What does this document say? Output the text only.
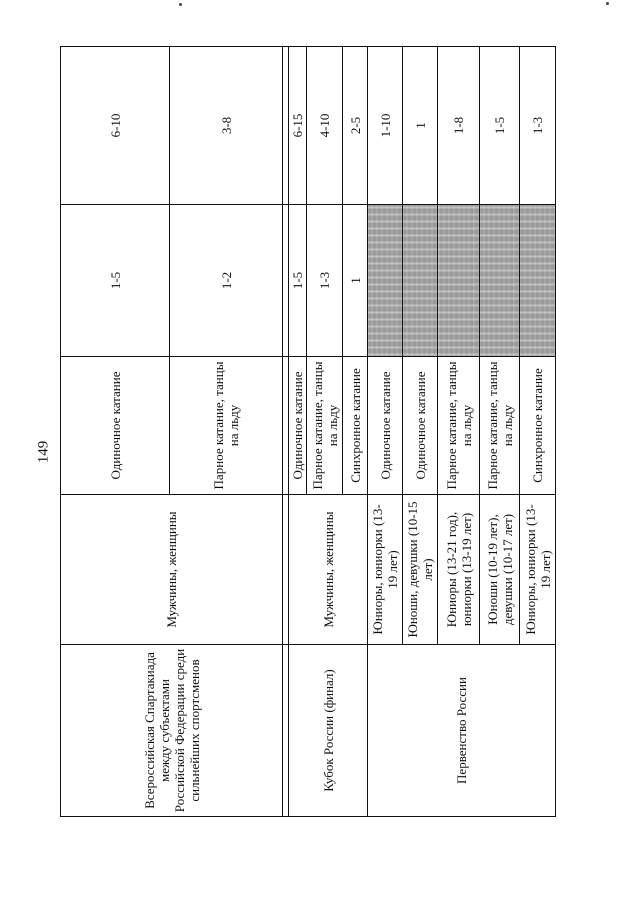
149
Всероссийская Спартакиада между субъектами Российской Федерации среди сильнейших спортсменов	Мужчины, женщины	Одиночное катание	1-5	6-10
		Парное катание, танцы на льду	1-2	3-8

Кубок России (финал)	Мужчины, женщины	Одиночное катание	1-5	6-15
		Парное катание, танцы на льду	1-3	4-10
		Синхронное катание	1	2-5
Первенство России	Юниоры, юниорки (13-19 лет)	Одиночное катание		1-10
	Юноши, девушки (10-15 лет)	Одиночное катание		1
	Юниоры (13-21 год), юниорки (13-19 лет)	Парное катание, танцы на льду		1-8
	Юноши (10-19 лет), девушки (10-17 лет)	Парное катание, танцы на льду		1-5
	Юниоры, юниорки (13-19 лет)	Синхронное катание		1-3
